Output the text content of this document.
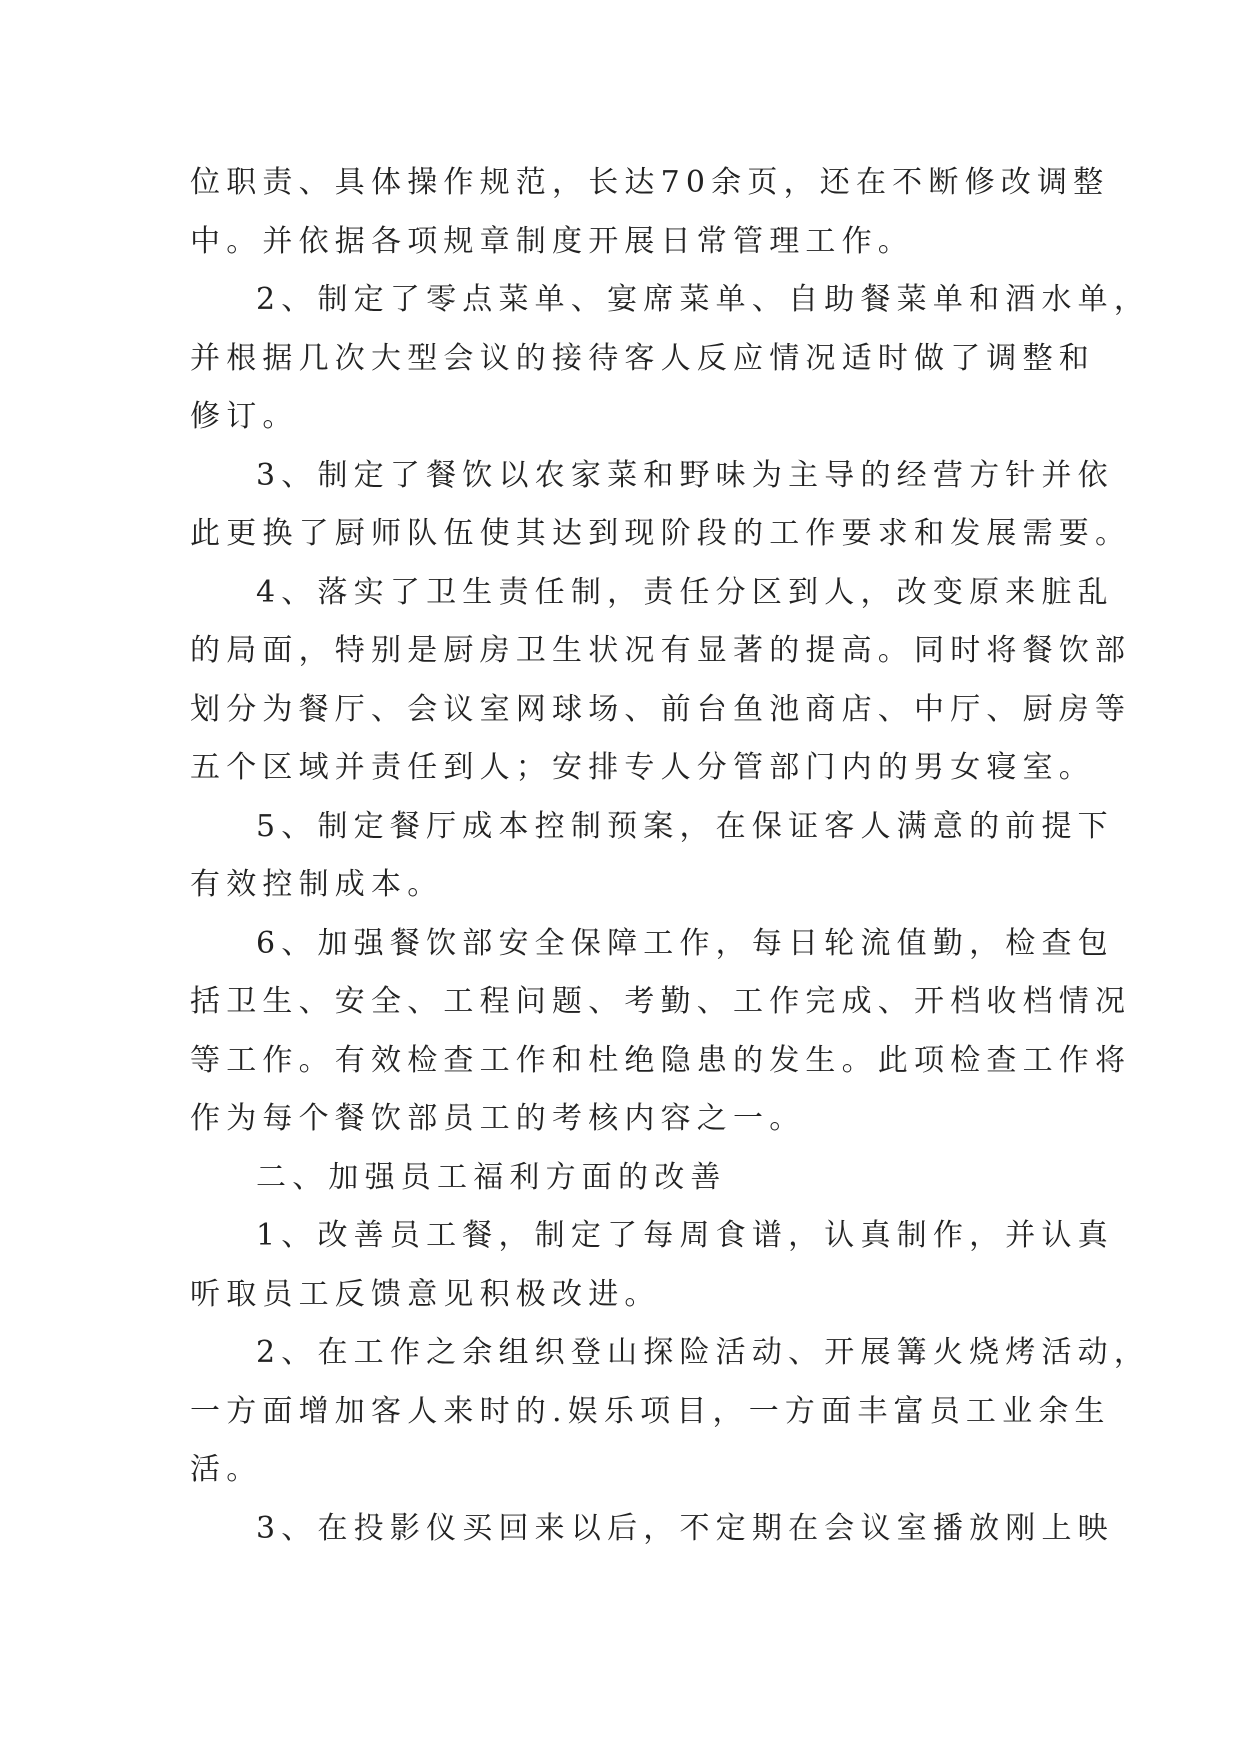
位职责、具体操作规范，长达70余页，还在不断修改调整
中。并依据各项规章制度开展日常管理工作。
2、制定了零点菜单、宴席菜单、自助餐菜单和酒水单，
并根据几次大型会议的接待客人反应情况适时做了调整和
修订。
3、制定了餐饮以农家菜和野味为主导的经营方针并依
此更换了厨师队伍使其达到现阶段的工作要求和发展需要。
4、落实了卫生责任制，责任分区到人，改变原来脏乱
的局面，特别是厨房卫生状况有显著的提高。同时将餐饮部
划分为餐厅、会议室网球场、前台鱼池商店、中厅、厨房等
五个区域并责任到人；安排专人分管部门内的男女寝室。
5、制定餐厅成本控制预案，在保证客人满意的前提下
有效控制成本。
6、加强餐饮部安全保障工作，每日轮流值勤，检查包
括卫生、安全、工程问题、考勤、工作完成、开档收档情况
等工作。有效检查工作和杜绝隐患的发生。此项检查工作将
作为每个餐饮部员工的考核内容之一。
二、加强员工福利方面的改善
1、改善员工餐，制定了每周食谱，认真制作，并认真
听取员工反馈意见积极改进。
2、在工作之余组织登山探险活动、开展篝火烧烤活动，
一方面增加客人来时的.娱乐项目，一方面丰富员工业余生
活。
3、在投影仪买回来以后，不定期在会议室播放刚上映
